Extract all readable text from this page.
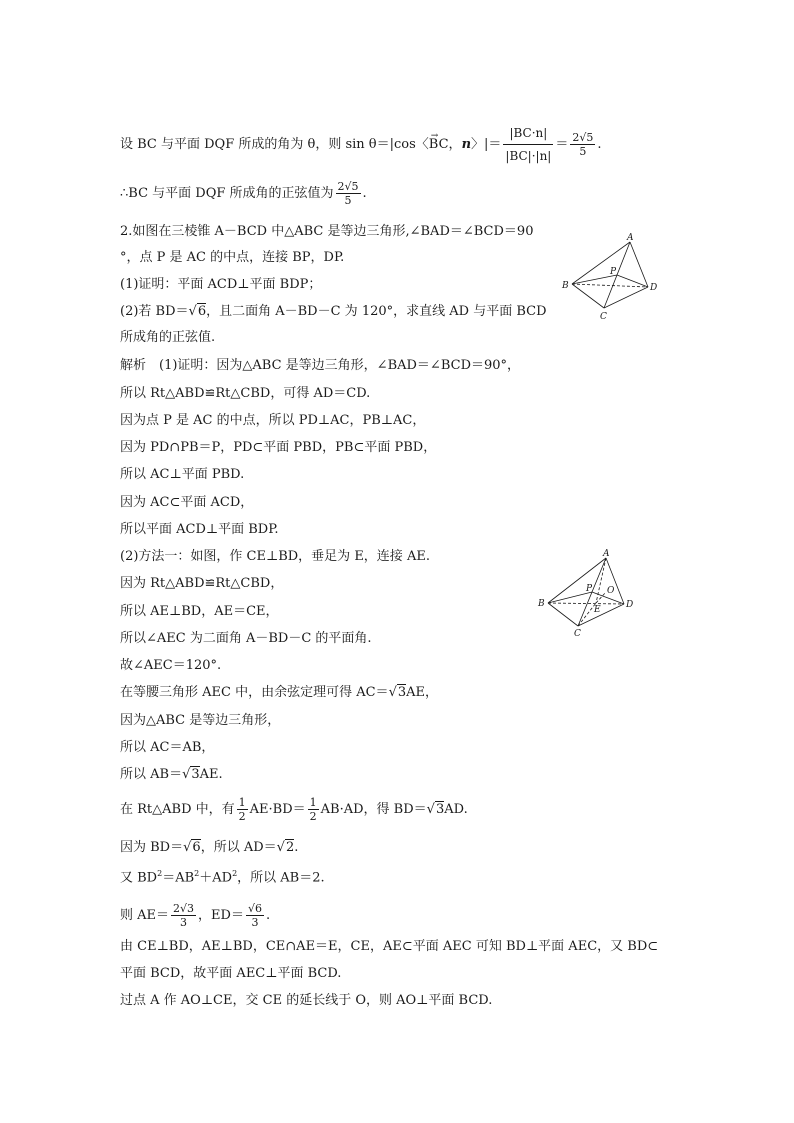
设 BC 与平面 DQF 所成的角为 θ，则 sin θ＝|cos〈→ BC，n〉|＝ $\frac{|BC\cdot n|}{|BC|\cdot|n|} = \frac{2√5}{5}$ .
∴BC 与平面 DQF 所成角的正弦值为 $\frac{2√5}{5}$ .
2.如图在三棱锥 A－BCD 中△ABC 是等边三角形,∠BAD＝∠BCD＝90
°，点 P 是 AC 的中点，连接 BP，DP.
(1)证明：平面 ACD⊥平面 BDP；
(2)若 BD＝√6，且二面角 A－BD－C 为 120°，求直线 AD 与平面 BCD
所成角的正弦值.
解析　(1)证明：因为△ABC 是等边三角形，∠BAD＝∠BCD＝90°，
所以 Rt△ABD≌Rt△CBD，可得 AD＝CD.
因为点 P 是 AC 的中点，所以 PD⊥AC，PB⊥AC，
因为 PD∩PB＝P，PD⊂平面 PBD，PB⊂平面 PBD，
所以 AC⊥平面 PBD.
因为 AC⊂平面 ACD，
所以平面 ACD⊥平面 BDP.
(2)方法一：如图，作 CE⊥BD，垂足为 E，连接 AE.
因为 Rt△ABD≌Rt△CBD，
所以 AE⊥BD，AE＝CE，
所以∠AEC 为二面角 A－BD－C 的平面角.
故∠AEC＝120°.
在等腰三角形 AEC 中，由余弦定理可得 AC＝√3AE，
因为△ABC 是等边三角形，
所以 AC＝AB，
所以 AB＝√3AE.
在 Rt△ABD 中，有 $\frac{1}{2} AE\cdot BD= \frac{1}{2} AB\cdot AD$，得 BD＝√3AD.
因为 BD＝√6，所以 AD＝√2.
又 $BD^2=AB^2+AD^2$，所以 AB＝2.
则 $AE= \frac{2√3}{3}$ ，$ED= \frac{√6}{3}$ .
由 CE⊥BD，AE⊥BD，CE∩AE＝E，CE，AE⊂平面 AEC 可知 BD⊥平面 AEC，又 BD⊂
平面 BCD，故平面 AEC⊥平面 BCD.
过点 A 作 AO⊥CE，交 CE 的延长线于 O，则 AO⊥平面 BCD.
A
B
C
D
P
A
B
C
D
P O
E
